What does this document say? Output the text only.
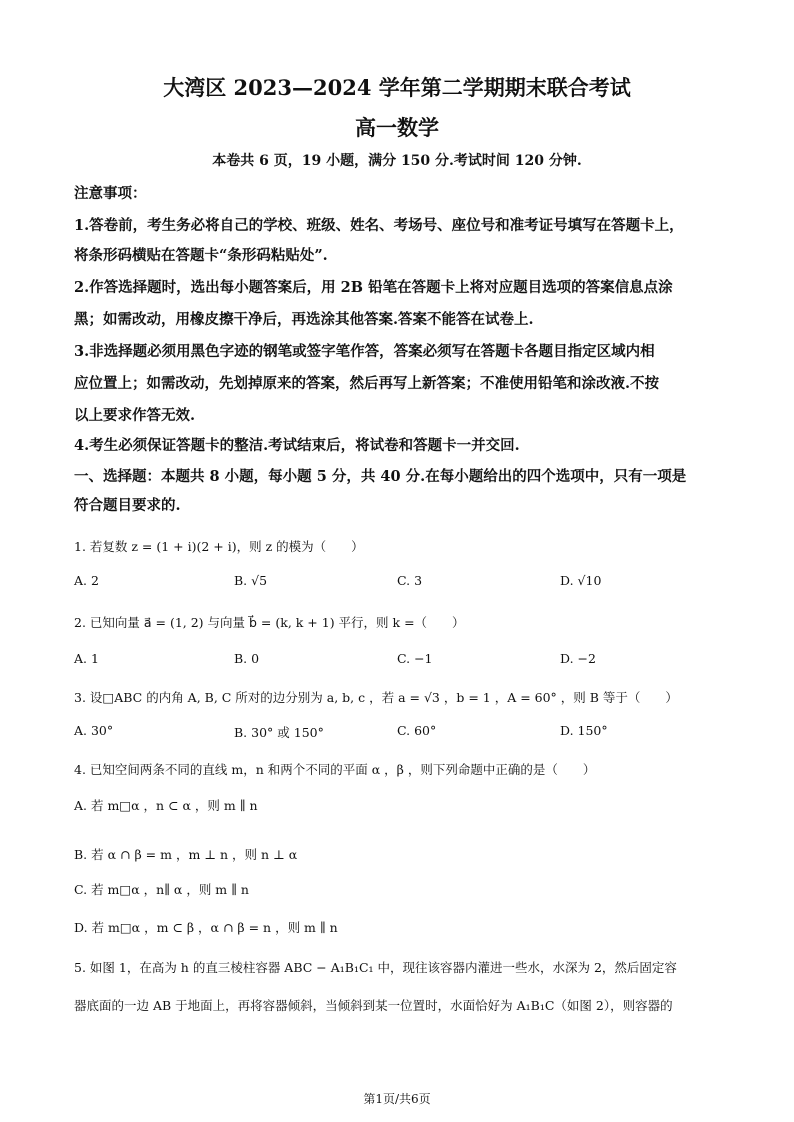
大湾区 2023—2024 学年第二学期期末联合考试
高一数学
本卷共 6 页，19 小题，满分 150 分.考试时间 120 分钟.
注意事项：
1.答卷前，考生务必将自己的学校、班级、姓名、考场号、座位号和准考证号填写在答题卡上，
将条形码横贴在答题卡“条形码粘贴处”.
2.作答选择题时，选出每小题答案后，用 2B 铅笔在答题卡上将对应题目选项的答案信息点涂
黑；如需改动，用橡皮擦干净后，再选涂其他答案.答案不能答在试卷上.
3.非选择题必须用黑色字迹的钢笔或签字笔作答，答案必须写在答题卡各题目指定区域内相
应位置上；如需改动，先划掉原来的答案，然后再写上新答案；不准使用铅笔和涂改液.不按
以上要求作答无效.
4.考生必须保证答题卡的整洁.考试结束后，将试卷和答题卡一并交回.
一、选择题：本题共 8 小题，每小题 5 分，共 40 分.在每小题给出的四个选项中，只有一项是
符合题目要求的.
1. 若复数 z = (1 + i)(2 + i)，则 z 的模为（　　）
A. 2	B. √5	C. 3	D. √10
2. 已知向量 a⃗ = (1, 2) 与向量 b⃗ = (k, k + 1) 平行，则 k =（　　）
A. 1	B. 0	C. −1	D. −2
3. 设□ABC 的内角 A, B, C 所对的边分别为 a, b, c ，若 a = √3 ，b = 1 ，A = 60° ，则 B 等于（　　）
A. 30°	B. 30° 或 150°	C. 60°	D. 150°
4. 已知空间两条不同的直线 m，n 和两个不同的平面 α ，β ，则下列命题中正确的是（　　）
A. 若 m□α ，n ⊂ α ，则 m ∥ n
B. 若 α ∩ β = m ，m ⊥ n ，则 n ⊥ α
C. 若 m□α ，n∥ α ，则 m ∥ n
D. 若 m□α ，m ⊂ β ，α ∩ β = n ，则 m ∥ n
5. 如图 1，在高为 h 的直三棱柱容器 ABC − A₁B₁C₁ 中，现往该容器内灌进一些水，水深为 2，然后固定容
器底面的一边 AB 于地面上，再将容器倾斜，当倾斜到某一位置时，水面恰好为 A₁B₁C（如图 2），则容器的
第1页/共6页
